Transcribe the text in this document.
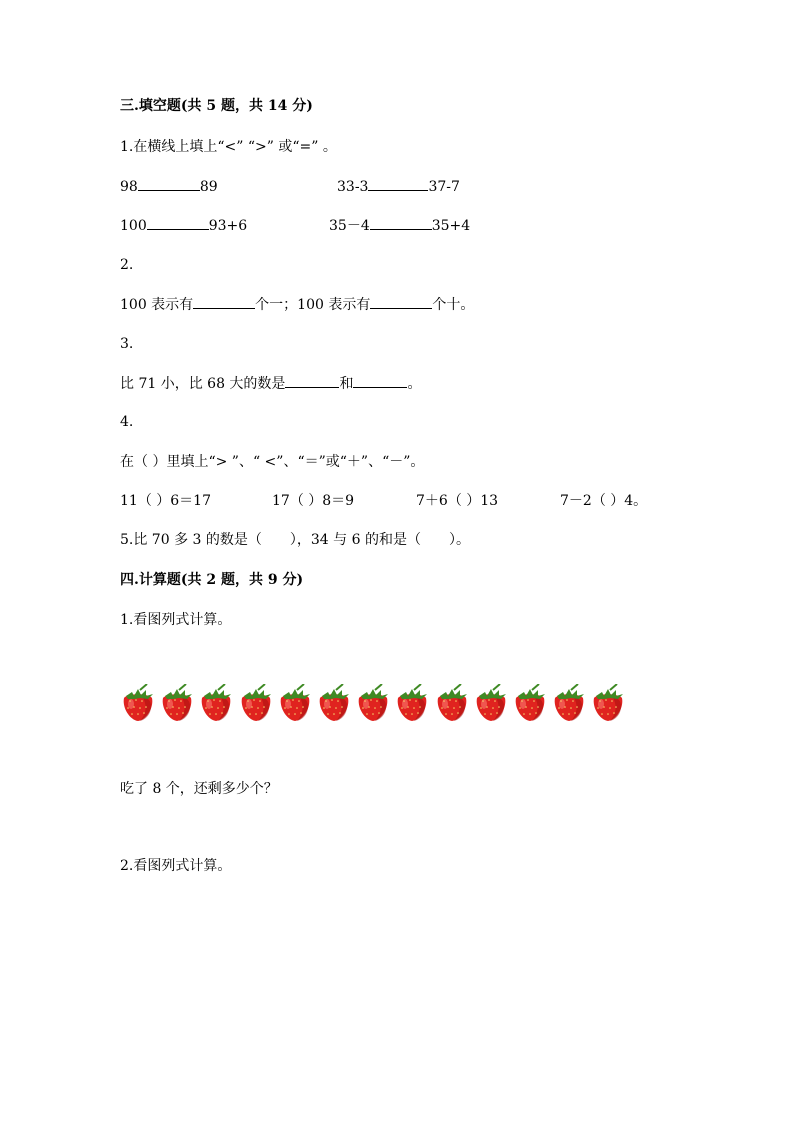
三.填空题(共 5 题，共 14 分)
1.在横线上填上“<” “>” 或“=” 。
98	89	33-3	37-7
100	93+6	35－4	35+4
2.
100 表示有	个一；100 表示有	个十。
3.
比 71 小，比 68 大的数是	和	。
4.
在（ ）里填上“> ”、“ <”、“＝”或“＋”、“－”。
11（ ）6＝17	17（ ）8＝9	7＋6（ ）13	7－2（ ）4。
5.比 70 多 3 的数是（　　），34 与 6 的和是（　　）。
四.计算题(共 2 题，共 9 分)
1.看图列式计算。
吃了 8 个，还剩多少个？
2.看图列式计算。
